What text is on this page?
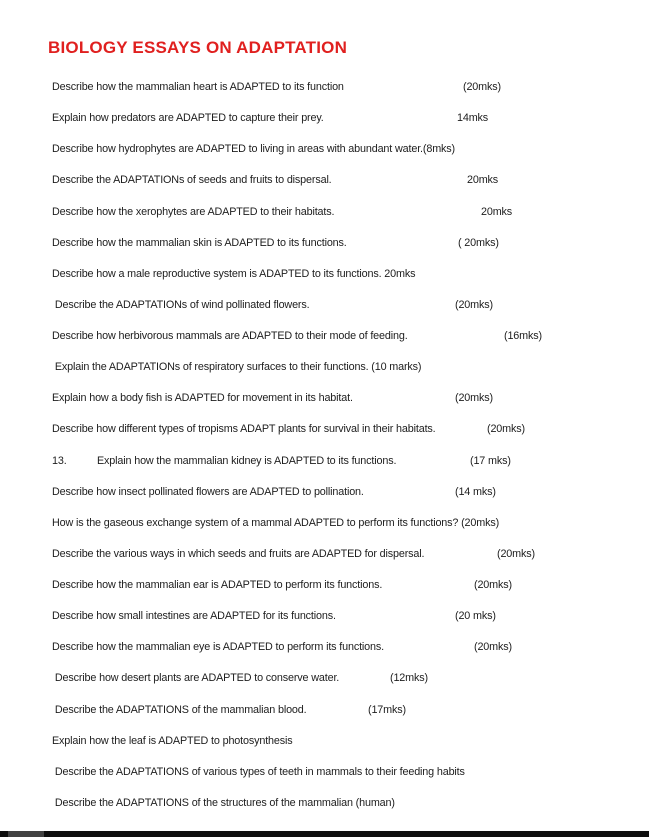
BIOLOGY ESSAYS ON ADAPTATION
$^{Describe how the mammalian heart is ADAPTED to its function}$	(20mks)
$^{Explain how predators are ADAPTED to capture their prey.}$	14mks
$^{Describe how hydrophytes are ADAPTED to living in areas with abundant water.(8mks)}$
$^{Describe the ADAPTATIONs of seeds and fruits to dispersal.}$	20mks
$^{Describe how the xerophytes are ADAPTED to their habitats.}$	20mks
$^{Describe how the mammalian skin is ADAPTED to its functions.}$	( 20mks)
$^{Describe how a male reproductive system is ADAPTED to its functions. 20mks}$
$^{Describe the ADAPTATIONs of wind pollinated flowers.}$	(20mks)
$^{Describe how herbivorous mammals are ADAPTED to their mode of feeding.}$	(16mks)
$^{Explain the ADAPTATIONs of respiratory surfaces to their functions. (10 marks)}$
$^{Explain how a body fish is ADAPTED for movement in its habitat.}$	(20mks)
$^{Describe how different types of tropisms ADAPT plants for survival in their habitats.}$	(20mks)
13.	$^{Explain how the mammalian kidney is ADAPTED to its functions.}$	(17 mks)
$^{Describe how insect pollinated flowers are ADAPTED to pollination.}$	(14 mks)
$^{How is the gaseous exchange system of a mammal ADAPTED to perform its functions? (20mks)}$
$^{Describe the various ways in which seeds and fruits are ADAPTED for dispersal.}$	(20mks)
$^{Describe how the mammalian ear is ADAPTED to perform its functions.}$	(20mks)
$^{Describe how small intestines are ADAPTED for its functions.}$	(20 mks)
$^{Describe how the mammalian eye is ADAPTED to perform its functions.}$	(20mks)
$^{Describe how desert plants are ADAPTED to conserve water.}$	(12mks)
$^{Describe the ADAPTATIONS of the mammalian blood.}$	(17mks)
$^{Explain how the leaf is ADAPTED to photosynthesis}$
$^{Describe the ADAPTATIONS of various types of teeth in mammals to their feeding habits}$
$^{Describe the ADAPTATIONS of the structures of the mammalian (human)}$
